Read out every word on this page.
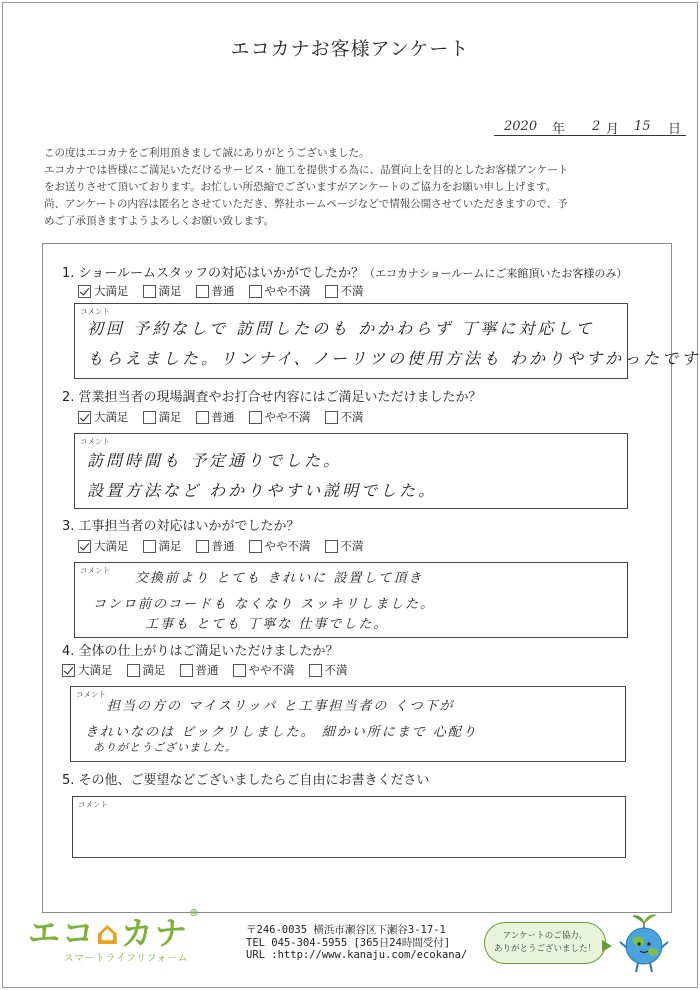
エコカナお客様アンケート
2020 年 2 月 15 日

この度はエコカナをご利用頂きまして誠にありがとうございました。

エコカナでは皆様にご満足いただけるサービス・施工を提供する為に、品質向上を目的としたお客様アンケート

をお送りさせて頂いております。お忙しい所恐縮でございますがアンケートのご協力をお願い申し上げます。

尚、アンケートの内容は匿名とさせていただき、弊社ホームページなどで情報公開させていただきますので、予

めご了承頂きますようよろしくお願い致します。

1. ショールームスタッフの対応はいかがでしたか？（エコカナショールームにご来館頂いたお客様のみ）
大満足	満足	普通	やや不満	不満
コメント
初回 予約なしで 訪問したのも かかわらず 丁寧に対応して
もらえました。リンナイ、ノーリツの使用方法も わかりやすかったです
2. 営業担当者の現場調査やお打合せ内容にはご満足いただけましたか？
大満足	満足	普通	やや不満	不満
コメント
訪問時間も 予定通りでした。
設置方法など わかりやすい説明でした。
3. 工事担当者の対応はいかがでしたか？
大満足	満足	普通	やや不満	不満
コメント
交換前より とても きれいに 設置して頂き
コンロ前のコードも なくなり スッキリしました。
工事も とても 丁寧な 仕事でした。
4. 全体の仕上がりはご満足いただけましたか？
大満足	満足	普通	やや不満	不満
コメント
担当の方の マイスリッパ と工事担当者の くつ下が
きれいなのは ビックリしました。 細かい所にまで 心配り
ありがとうございました。
5. その他、ご要望などございましたらご自由にお書きください
コメント
エコ⌂カナ®
スマートライフリフォーム
〒246-0035 横浜市瀬谷区下瀬谷3-17-1
TEL 045-304-5955 [365日24時間受付]
URL :http://www.kanaju.com/ecokana/
アンケートのご協力、
ありがとうございました！
